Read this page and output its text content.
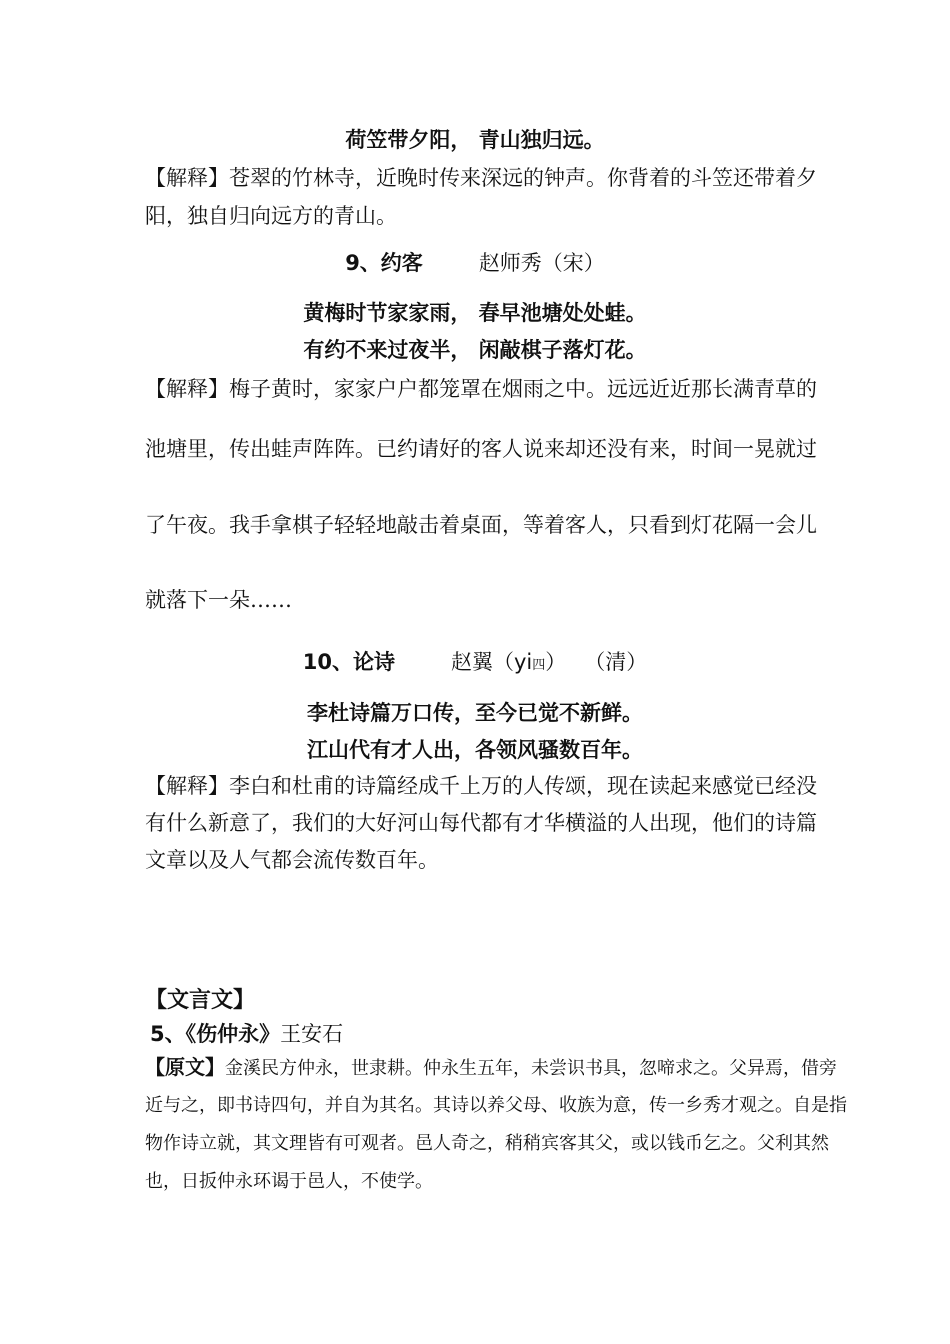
荷笠带夕阳， 青山独归远。
【解释】苍翠的竹林寺，近晚时传来深远的钟声。你背着的斗笠还带着夕
阳，独自归向远方的青山。
9、约客	赵师秀（宋）
黄梅时节家家雨， 春早池塘处处蛙。
有约不来过夜半， 闲敲棋子落灯花。
【解释】梅子黄时，家家户户都笼罩在烟雨之中。远远近近那长满青草的
池塘里，传出蛙声阵阵。已约请好的客人说来却还没有来，时间一晃就过
了午夜。我手拿棋子轻轻地敲击着桌面，等着客人，只看到灯花隔一会儿
就落下一朵……
10、论诗	赵翼（yi四） （清）
李杜诗篇万口传，至今已觉不新鲜。
江山代有才人出，各领风骚数百年。
【解释】李白和杜甫的诗篇经成千上万的人传颂，现在读起来感觉已经没
有什么新意了，我们的大好河山每代都有才华横溢的人出现，他们的诗篇
文章以及人气都会流传数百年。
【文言文】
5、《伤仲永》王安石
【原文】金溪民方仲永，世隶耕。仲永生五年，未尝识书具，忽啼求之。父异焉，借旁
近与之，即书诗四句，并自为其名。其诗以养父母、收族为意，传一乡秀才观之。自是指
物作诗立就，其文理皆有可观者。邑人奇之，稍稍宾客其父，或以钱币乞之。父利其然
也，日扳仲永环谒于邑人，不使学。
